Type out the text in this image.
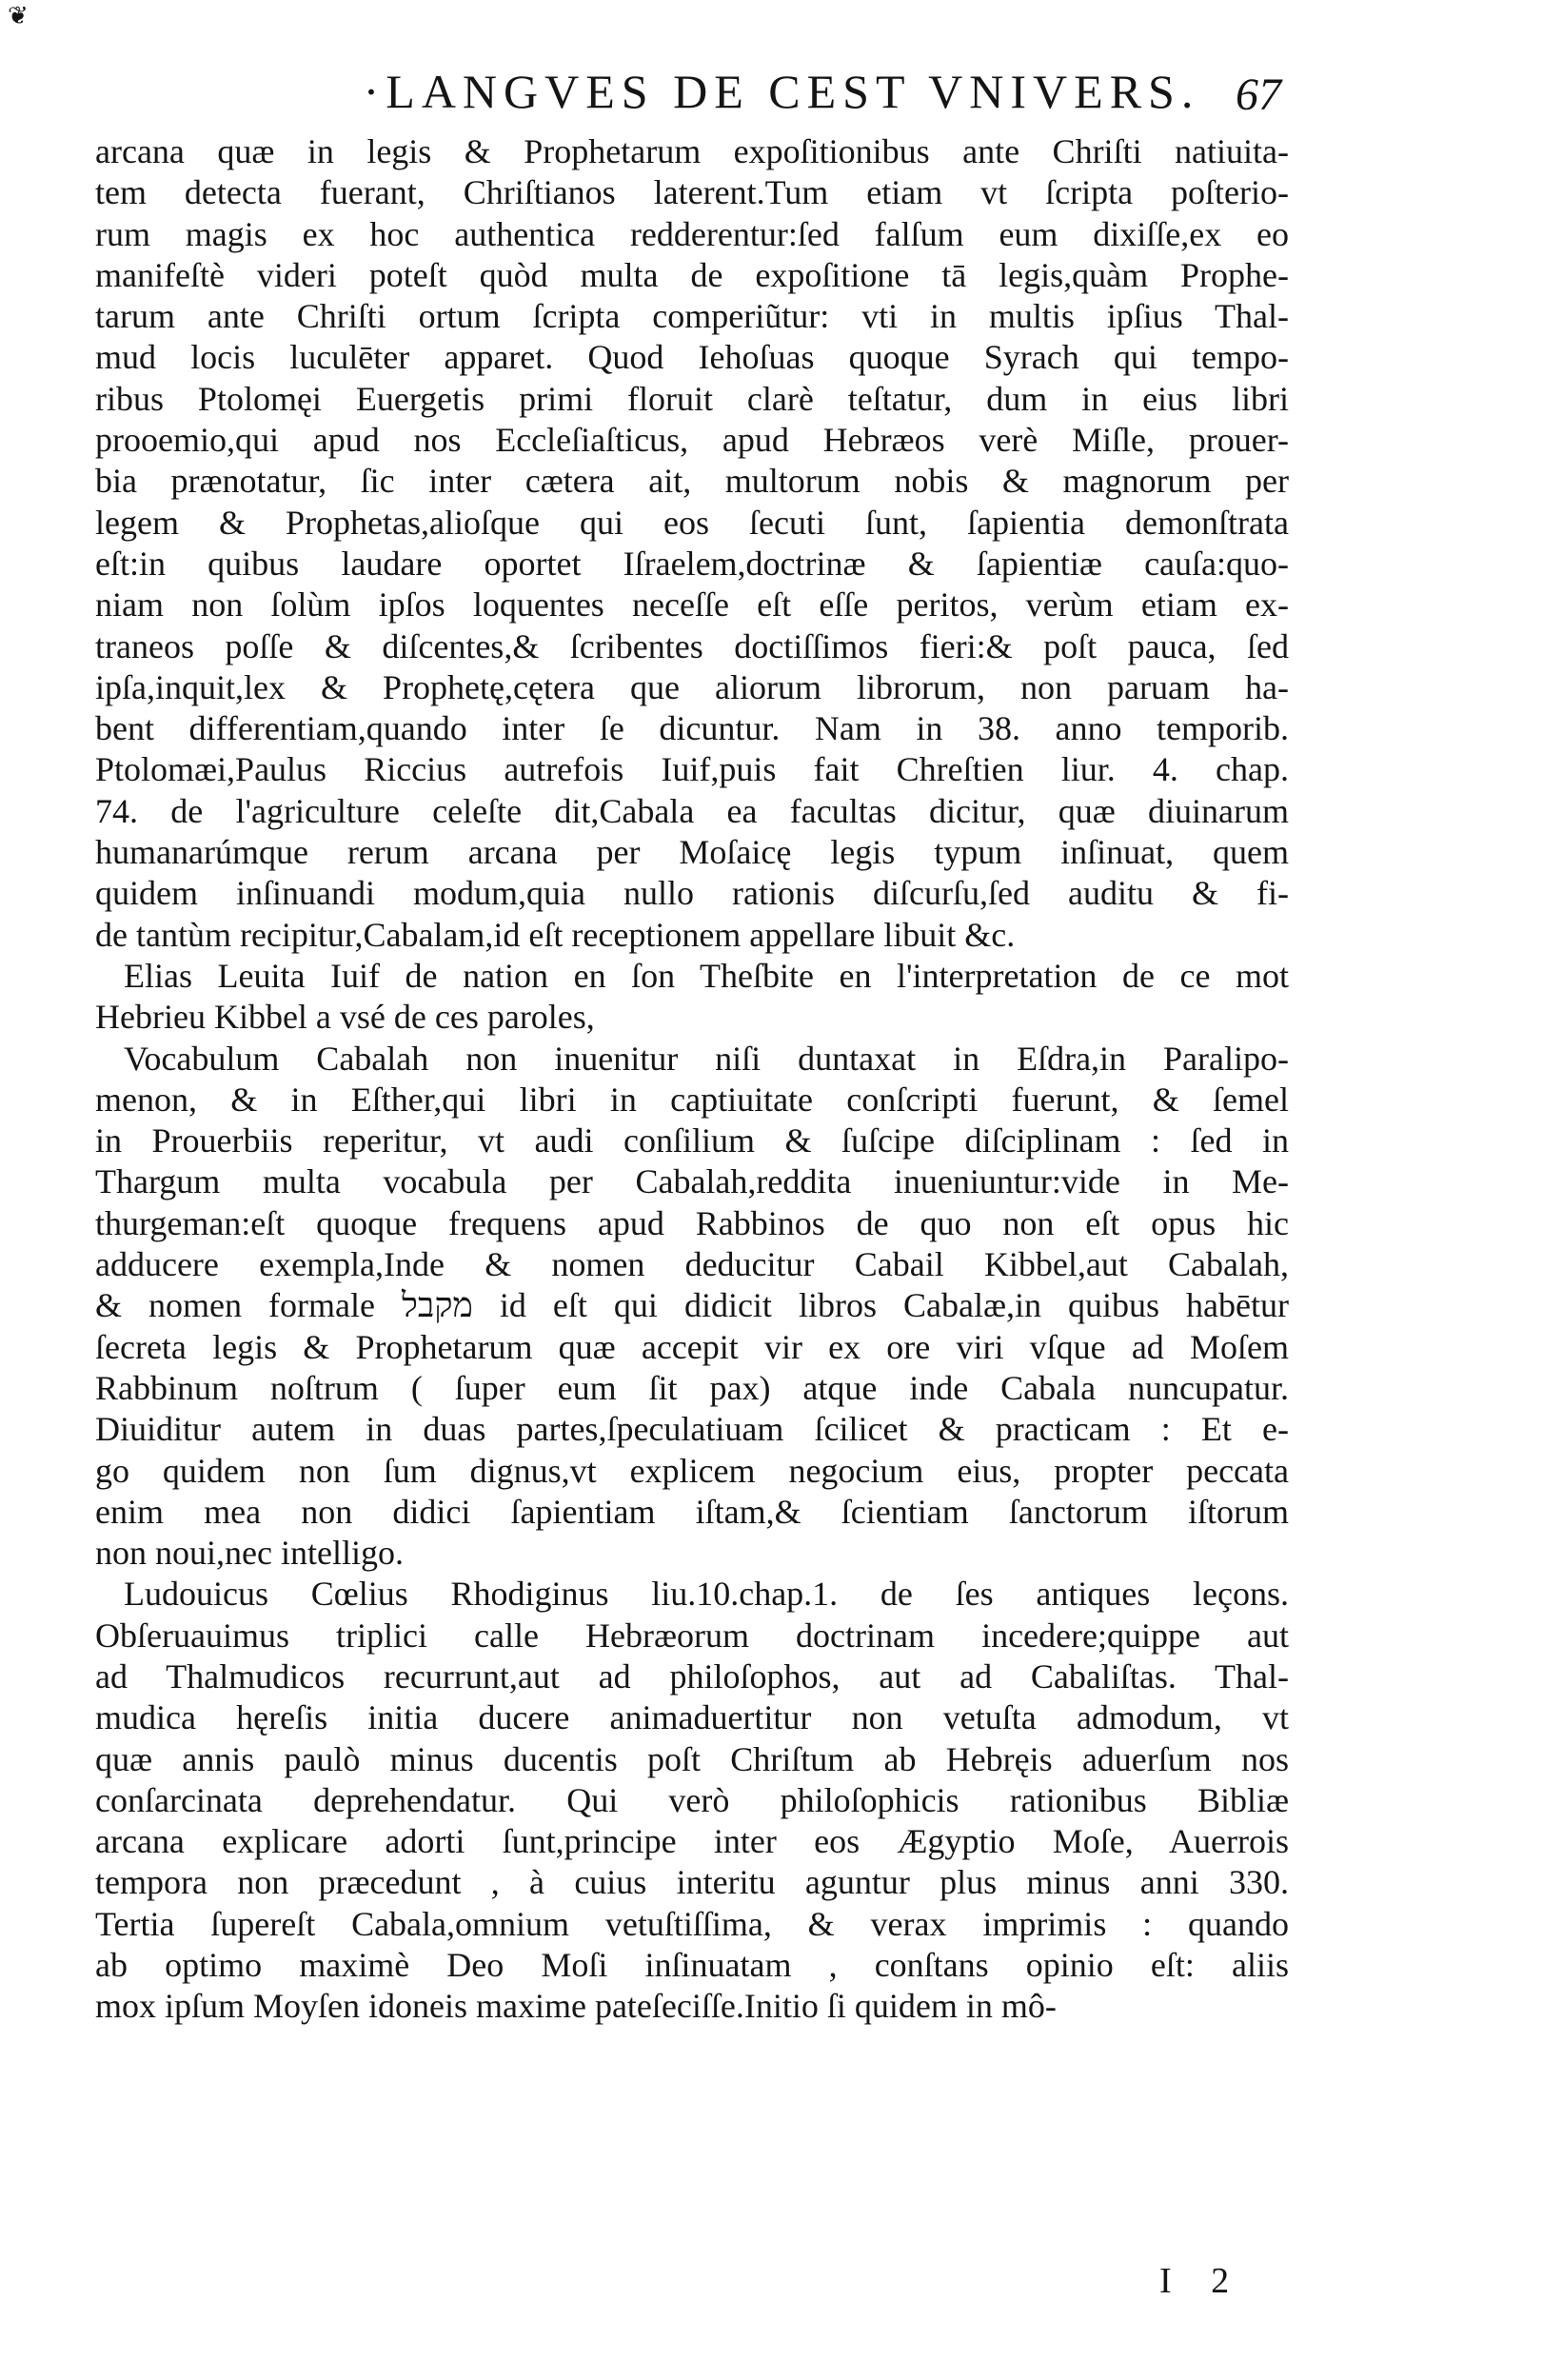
❦
·LANGVES DE CEST VNIVERS. 67
arcana quæ in legis & Prophetarum expoſitionibus ante Chriſti natiuita-
tem detecta fuerant, Chriſtianos laterent.Tum etiam vt ſcripta poſterio-
rum magis ex hoc authentica redderentur:ſed falſum eum dixiſſe,ex eo
manifeſtè videri poteſt quòd multa de expoſitione tā legis,quàm Prophe-
tarum ante Chriſti ortum ſcripta comperiũtur: vti in multis ipſius Thal-
mud locis luculēter apparet. Quod Iehoſuas quoque Syrach qui tempo-
ribus Ptolomęi Euergetis primi floruit clarè teſtatur, dum in eius libri
prooemio,qui apud nos Eccleſiaſticus, apud Hebræos verè Miſle, prouer-
bia prænotatur, ſic inter cætera ait, multorum nobis & magnorum per
legem & Prophetas,alioſque qui eos ſecuti ſunt, ſapientia demonſtrata
eſt:in quibus laudare oportet Iſraelem,doctrinæ & ſapientiæ cauſa:quo-
niam non ſolùm ipſos loquentes neceſſe eſt eſſe peritos, verùm etiam ex-
traneos poſſe & diſcentes,& ſcribentes doctiſſimos fieri:& poſt pauca, ſed
ipſa,inquit,lex & Prophetę,cętera que aliorum librorum, non paruam ha-
bent differentiam,quando inter ſe dicuntur. Nam in 38. anno temporib.
Ptolomæi,Paulus Riccius autrefois Iuif,puis fait Chreſtien liur. 4. chap.
74. de l'agriculture celeſte dit,Cabala ea facultas dicitur, quæ diuinarum
humanarúmque rerum arcana per Moſaicę legis typum inſinuat, quem
quidem inſinuandi modum,quia nullo rationis diſcurſu,ſed auditu & fi-
de tantùm recipitur,Cabalam,id eſt receptionem appellare libuit &c.
Elias Leuita Iuif de nation en ſon Theſbite en l'interpretation de ce mot
Hebrieu Kibbel a vsé de ces paroles,
Vocabulum Cabalah non inuenitur niſi duntaxat in Eſdra,in Paralipo-
menon, & in Eſther,qui libri in captiuitate conſcripti fuerunt, & ſemel
in Prouerbiis reperitur, vt audi conſilium & ſuſcipe diſciplinam : ſed in
Thargum multa vocabula per Cabalah,reddita inueniuntur:vide in Me-
thurgeman:eſt quoque frequens apud Rabbinos de quo non eſt opus hic
adducere exempla,Inde & nomen deducitur Cabail Kibbel,aut Cabalah,
& nomen formale מקבל id eſt qui didicit libros Cabalæ,in quibus habētur
ſecreta legis & Prophetarum quæ accepit vir ex ore viri vſque ad Moſem
Rabbinum noſtrum ( ſuper eum ſit pax) atque inde Cabala nuncupatur.
Diuiditur autem in duas partes,ſpeculatiuam ſcilicet & practicam : Et e-
go quidem non ſum dignus,vt explicem negocium eius, propter peccata
enim mea non didici ſapientiam iſtam,& ſcientiam ſanctorum iſtorum
non noui,nec intelligo.
Ludouicus Cœlius Rhodiginus liu.10.chap.1. de ſes antiques leçons.
Obſeruauimus triplici calle Hebræorum doctrinam incedere;quippe aut
ad Thalmudicos recurrunt,aut ad philoſophos, aut ad Cabaliſtas. Thal-
mudica hęreſis initia ducere animaduertitur non vetuſta admodum, vt
quæ annis paulò minus ducentis poſt Chriſtum ab Hebręis aduerſum nos
conſarcinata deprehendatur. Qui verò philoſophicis rationibus Bibliæ
arcana explicare adorti ſunt,principe inter eos Ægyptio Moſe, Auerrois
tempora non præcedunt , à cuius interitu aguntur plus minus anni 330.
Tertia ſupereſt Cabala,omnium vetuſtiſſima, & verax imprimis : quando
ab optimo maximè Deo Moſi inſinuatam , conſtans opinio eſt: aliis
mox ipſum Moyſen idoneis maxime pateſeciſſe.Initio ſi quidem in mô-
I 2
